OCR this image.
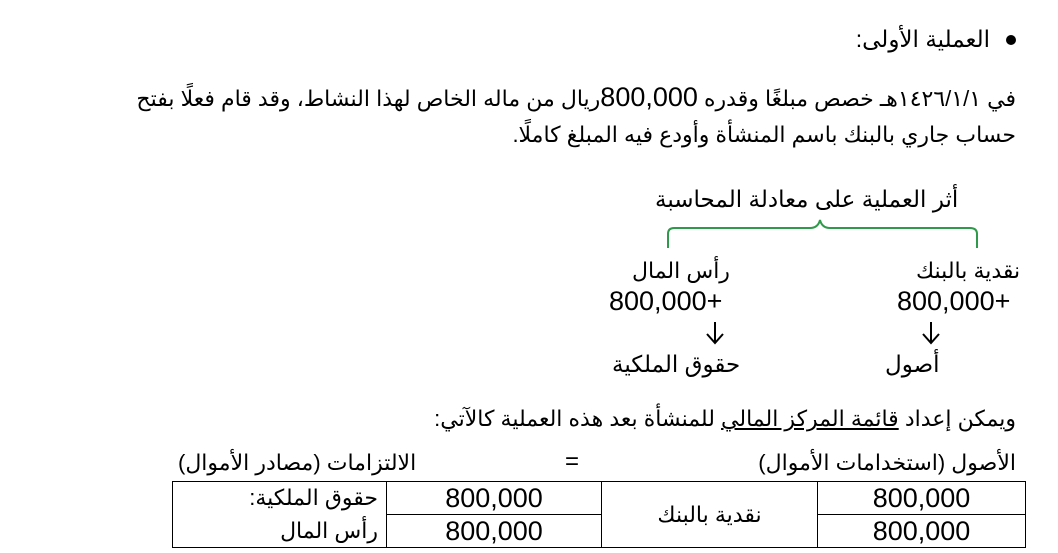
العملية الأولى:
في ١٤٢٦/١/١هـ خصص مبلغًا وقدره 800,000ريال من ماله الخاص لهذا النشاط، وقد قام فعلًا بفتح
حساب جاري بالبنك باسم المنشأة وأودع فيه المبلغ كاملًا.
أثر العملية على معادلة المحاسبة
نقدية بالبنك
800,000+
أصول
رأس المال
800,000+
حقوق الملكية
ويمكن إعداد قائمة المركز المالي للمنشأة بعد هذه العملية كالآتي:
الأصول (استخدامات الأموال)
=
الالتزامات (مصادر الأموال)
800,000	نقدية بالبنك	800,000	حقوق الملكية:
800,000		800,000	رأس المال
